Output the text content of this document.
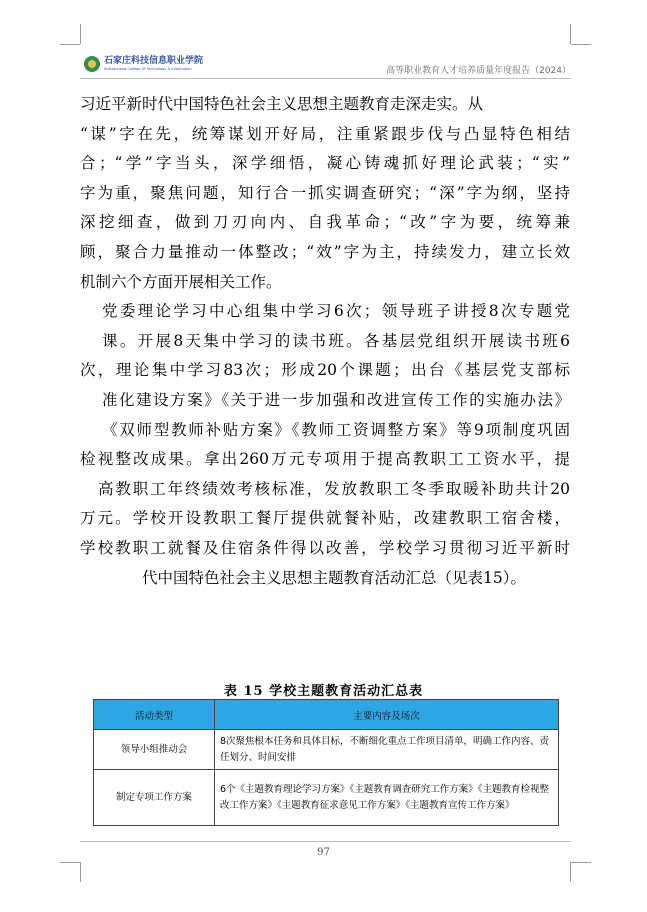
石家庄科技信息职业学院
Shijiazhuang College Of Technology & Information	高等职业教育人才培养质量年度报告（2024）
习近平新时代中国特色社会主义思想主题教育走深走实。从
“谋”字在先，统筹谋划开好局，注重紧跟步伐与凸显特色相结
合；“学”字当头，深学细悟，凝心铸魂抓好理论武装；“实”
字为重，聚焦问题，知行合一抓实调查研究；“深”字为纲，坚持
深挖细查，做到刀刃向内、自我革命；“改”字为要，统筹兼
顾，聚合力量推动一体整改；“效”字为主，持续发力，建立长效
机制六个方面开展相关工作。
党委理论学习中心组集中学习6次；领导班子讲授8次专题党
课。开展8天集中学习的读书班。各基层党组织开展读书班6
次，理论集中学习83次；形成20个课题；出台《基层党支部标
准化建设方案》《关于进一步加强和改进宣传工作的实施办法》
《双师型教师补贴方案》《教师工资调整方案》等9项制度巩固
检视整改成果。拿出260万元专项用于提高教职工工资水平，提
高教职工年终绩效考核标准，发放教职工冬季取暖补助共计20
万元。学校开设教职工餐厅提供就餐补贴，改建教职工宿舍楼，
学校教职工就餐及住宿条件得以改善，学校学习贯彻习近平新时
代中国特色社会主义思想主题教育活动汇总（见表15）。
表 15 学校主题教育活动汇总表
活动类型	主要内容及场次
领导小组推动会	8次聚焦根本任务和具体目标，不断细化重点工作项目清单，明确工作内容、责任划分、时间安排
制定专项工作方案	6个《主题教育理论学习方案》《主题教育调查研究工作方案》《主题教育检视整改工作方案》《主题教育征求意见工作方案》《主题教育宣传工作方案》
97
